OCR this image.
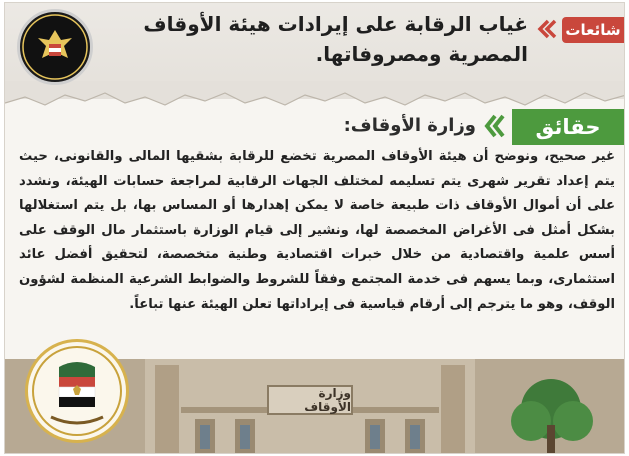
شائعات
غياب الرقابة على إيرادات هيئة الأوقاف المصرية ومصروفاتها.
حقائق
وزارة الأوقاف:
غير صحيح، ونوضح أن هيئة الأوقاف المصرية تخضع للرقابة بشقيها المالى والقانونى، حيث يتم إعداد تقرير شهرى يتم تسليمه لمختلف الجهات الرقابية لمراجعة حسابات الهيئة، ونشدد على أن أموال الأوقاف ذات طبيعة خاصة لا يمكن إهدارها أو المساس بها، بل يتم استغلالها بشكل أمثل فى الأغراض المخصصة لها، ونشير إلى قيام الوزارة باستثمار مال الوقف على أسس علمية واقتصادية من خلال خبرات اقتصادية وطنية متخصصة، لتحقيق أفضل عائد استثمارى، وبما يسهم فى خدمة المجتمع وفقاً للشروط والضوابط الشرعية المنظمة لشؤون الوقف، وهو ما يترجم إلى أرقام قياسية فى إيراداتها تعلن الهيئة عنها تباعاً.
وزارة الأوقاف
